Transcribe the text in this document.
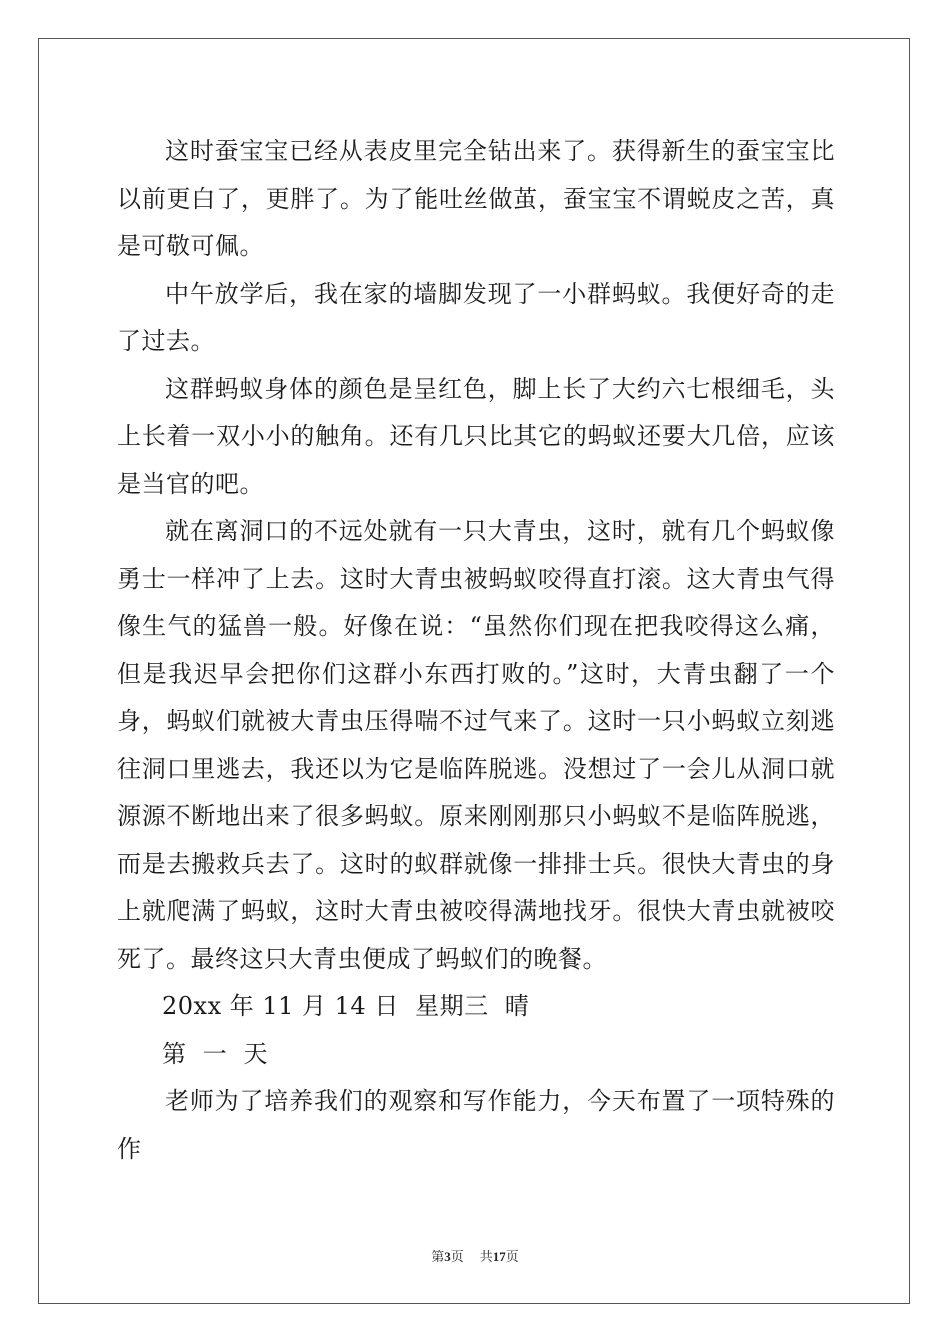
这时蚕宝宝已经从表皮里完全钻出来了。获得新生的蚕宝宝比以前更白了，更胖了。为了能吐丝做茧，蚕宝宝不谓蜕皮之苦，真是可敬可佩。

中午放学后，我在家的墙脚发现了一小群蚂蚁。我便好奇的走了过去。

这群蚂蚁身体的颜色是呈红色，脚上长了大约六七根细毛，头上长着一双小小的触角。还有几只比其它的蚂蚁还要大几倍，应该是当官的吧。

就在离洞口的不远处就有一只大青虫，这时，就有几个蚂蚁像勇士一样冲了上去。这时大青虫被蚂蚁咬得直打滚。这大青虫气得像生气的猛兽一般。好像在说：“虽然你们现在把我咬得这么痛，但是我迟早会把你们这群小东西打败的。”这时，大青虫翻了一个身，蚂蚁们就被大青虫压得喘不过气来了。这时一只小蚂蚁立刻逃往洞口里逃去，我还以为它是临阵脱逃。没想过了一会儿从洞口就源源不断地出来了很多蚂蚁。原来刚刚那只小蚂蚁不是临阵脱逃，而是去搬救兵去了。这时的蚁群就像一排排士兵。很快大青虫的身上就爬满了蚂蚁，这时大青虫被咬得满地找牙。很快大青虫就被咬死了。最终这只大青虫便成了蚂蚁们的晚餐。

20xx 年 11 月 14 日  星期三  晴

第  一  天

老师为了培养我们的观察和写作能力，今天布置了一项特殊的作

第3页 共17页
